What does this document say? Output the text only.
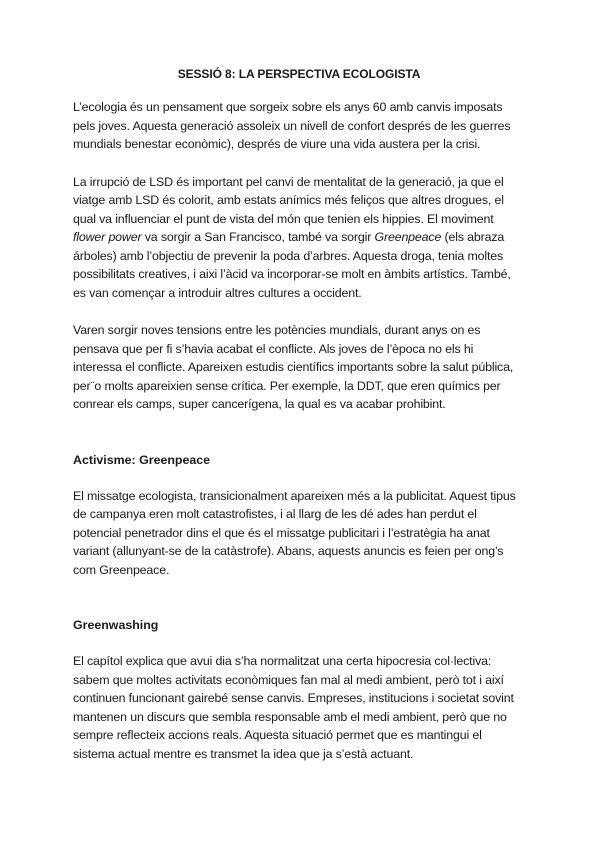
SESSIÓ 8: LA PERSPECTIVA ECOLOGISTA

L’ecologia és un pensament que sorgeix sobre els anys 60 amb canvis imposats pels joves. Aquesta generació assoleix un nivell de confort després de les guerres mundials benestar econòmic), després de viure una vida austera per la crisi.

La irrupció de LSD és important pel canvi de mentalitat de la generació, ja que el viatge amb LSD és colorit, amb estats anímics més feliços que altres drogues, el qual va influenciar el punt de vista del món que tenien els hippies. El moviment flower power va sorgir a San Francisco, també va sorgir Greenpeace (els abraza árboles) amb l’objectiu de prevenir la poda d’arbres. Aquesta droga, tenia moltes possibilitats creatives, i aixi l’àcid va incorporar-se molt en àmbits artístics. També, es van començar a introduir altres cultures a occident.

Varen sorgir noves tensions entre les potències mundials, durant anys on es pensava que per fi s’havia acabat el conflicte. Als joves de l’època no els hi interessa el conflicte. Apareixen estudis científics importants sobre la salut pública, per¨o molts apareixien sense crítica. Per exemple, la DDT, que eren químics per conrear els camps, super cancerígena, la qual es va acabar prohibint.

Activisme: Greenpeace

El missatge ecologista, transicionalment apareixen més a la publicitat. Aquest tipus de campanya eren molt catastrofistes, i al llarg de les dé ades han perdut el potencial penetrador dins el que és el missatge publicitari i l’estratègia ha anat variant (allunyant-se de la catàstrofe). Abans, aquests anuncis es feien per ong’s com Greenpeace.

Greenwashing

El capítol explica que avui dia s’ha normalitzat una certa hipocresia col·lectiva: sabem que moltes activitats econòmiques fan mal al medi ambient, però tot i així continuen funcionant gairebé sense canvis. Empreses, institucions i societat sovint mantenen un discurs que sembla responsable amb el medi ambient, però que no sempre reflecteix accions reals. Aquesta situació permet que es mantingui el sistema actual mentre es transmet la idea que ja s’està actuant.
